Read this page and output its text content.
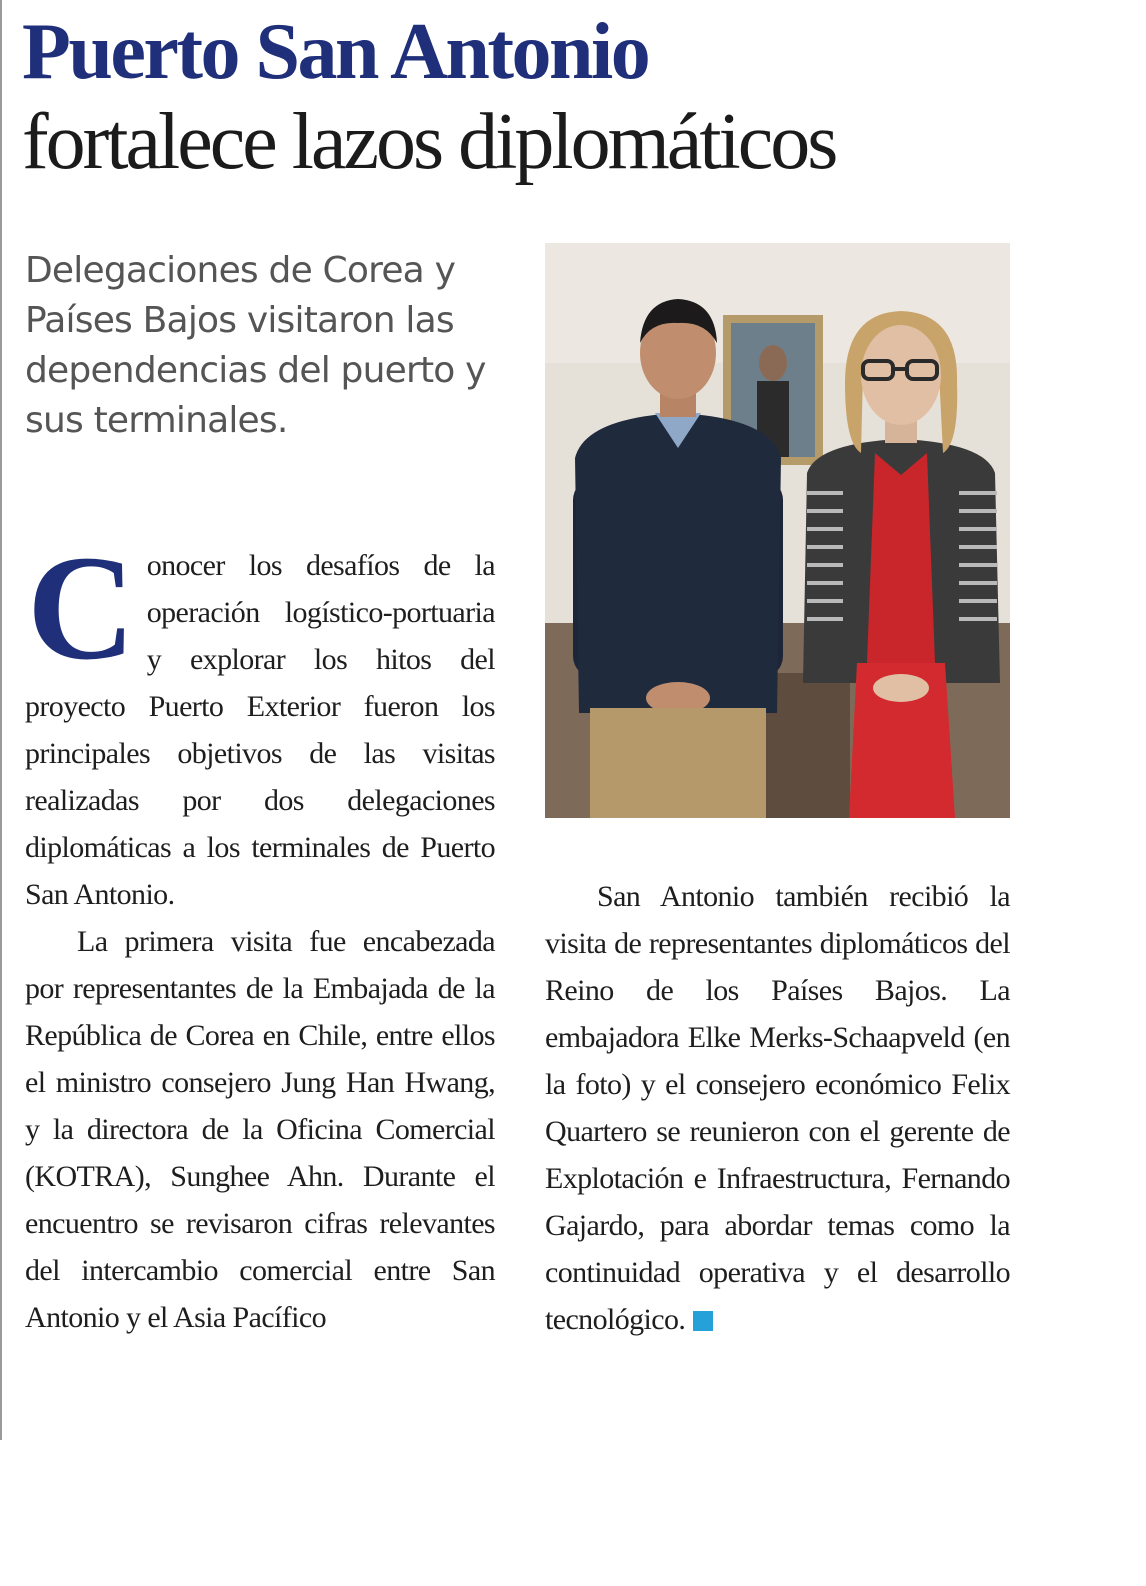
Puerto San Antonio
fortalece lazos diplomáticos

Delegaciones de Corea y Países Bajos visitaron las dependencias del puerto y sus terminales.

Conocer los desafíos de la operación logístico-portuaria y explorar los hitos del proyecto Puerto Exterior fueron los principales objetivos de las visitas realizadas por dos delegaciones diplomáticas a los terminales de Puerto San Antonio.

La primera visita fue encabezada por representantes de la Embajada de la República de Corea en Chile, entre ellos el ministro consejero Jung Han Hwang, y la directora de la Oficina Comercial (KOTRA), Sunghee Ahn. Durante el encuentro se revisaron cifras relevantes del intercambio comercial entre San Antonio y el Asia Pacífico

San Antonio también recibió la visita de representantes diplomáticos del Reino de los Países Bajos. La embajadora Elke Merks-Schaapveld (en la foto) y el consejero económico Felix Quartero se reunieron con el gerente de Explotación e Infraestructura, Fernando Gajardo, para abordar temas como la continuidad operativa y el desarrollo tecnológico.
